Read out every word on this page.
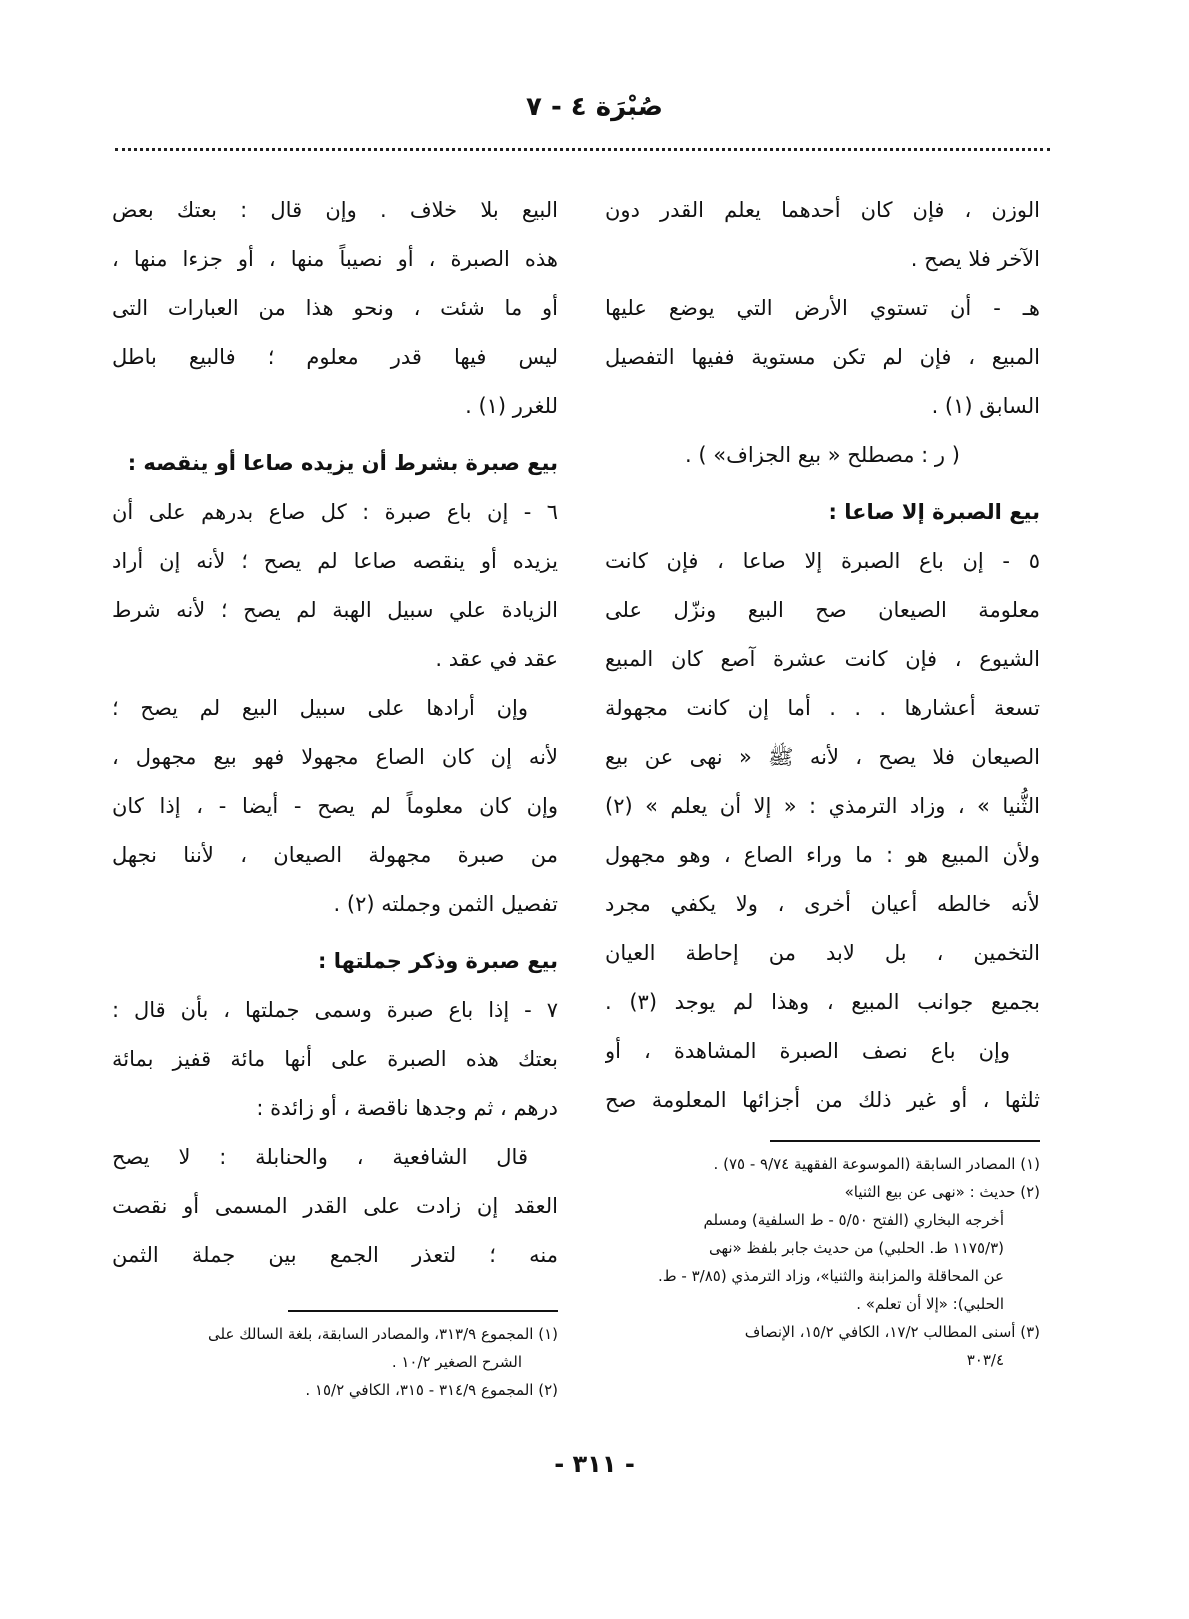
صُبْرَة ٤ - ٧
الوزن ، فإن كان أحدهما يعلم القدر دون
الآخر فلا يصح .
هـ - أن تستوي الأرض التي يوضع عليها
المبيع ، فإن لم تكن مستوية ففيها التفصيل
السابق (١) .
( ر : مصطلح « بيع الجزاف» ) .
بيع الصبرة إلا صاعا :
٥ - إن باع الصبرة إلا صاعا ، فإن كانت
معلومة الصيعان صح البيع ونزّل على
الشيوع ، فإن كانت عشرة آصع كان المبيع
تسعة أعشارها . . . أما إن كانت مجهولة
الصيعان فلا يصح ، لأنه ﷺ « نهى عن بيع
الثُّنيا » ، وزاد الترمذي : « إلا أن يعلم » (٢)
ولأن المبيع هو : ما وراء الصاع ، وهو مجهول
لأنه خالطه أعيان أخرى ، ولا يكفي مجرد
التخمين ، بل لابد من إحاطة العيان
بجميع جوانب المبيع ، وهذا لم يوجد (٣) .
وإن باع نصف الصبرة المشاهدة ، أو
ثلثها ، أو غير ذلك من أجزائها المعلومة صح
البيع بلا خلاف . وإن قال : بعتك بعض
هذه الصبرة ، أو نصيباً منها ، أو جزءا منها ،
أو ما شئت ، ونحو هذا من العبارات التى
ليس فيها قدر معلوم ؛ فالبيع باطل
للغرر (١) .
بيع صبرة بشرط أن يزيده صاعا أو ينقصه :
٦ - إن باع صبرة : كل صاع بدرهم على أن
يزيده أو ينقصه صاعا لم يصح ؛ لأنه إن أراد
الزيادة علي سبيل الهبة لم يصح ؛ لأنه شرط
عقد في عقد .
وإن أرادها على سبيل البيع لم يصح ؛
لأنه إن كان الصاع مجهولا فهو بيع مجهول ،
وإن كان معلوماً لم يصح - أيضا - ، إذا كان
من صبرة مجهولة الصيعان ، لأننا نجهل
تفصيل الثمن وجملته (٢) .
بيع صبرة وذكر جملتها :
٧ - إذا باع صبرة وسمى جملتها ، بأن قال :
بعتك هذه الصبرة على أنها مائة قفيز بمائة
درهم ، ثم وجدها ناقصة ، أو زائدة :
قال الشافعية ، والحنابلة : لا يصح
العقد إن زادت على القدر المسمى أو نقصت
منه ؛ لتعذر الجمع بين جملة الثمن
(١) المصادر السابقة (الموسوعة الفقهية ٩/٧٤ - ٧٥) .
(٢) حديث : «نهى عن بيع الثنيا»
أخرجه البخاري (الفتح ٥/٥٠ - ط السلفية) ومسلم
(١١٧٥/٣ ط. الحلبي) من حديث جابر بلفظ «نهى
عن المحاقلة والمزابنة والثنيا»، وزاد الترمذي (٣/٨٥ - ط.
الحلبي): «إلا أن تعلم» .
(٣) أسنى المطالب ١٧/٢، الكافي ١٥/٢، الإنصاف
٣٠٣/٤
(١) المجموع ٣١٣/٩، والمصادر السابقة، بلغة السالك على
الشرح الصغير ١٠/٢ .
(٢) المجموع ٣١٤/٩ - ٣١٥، الكافي ١٥/٢ .
- ٣١١ -
